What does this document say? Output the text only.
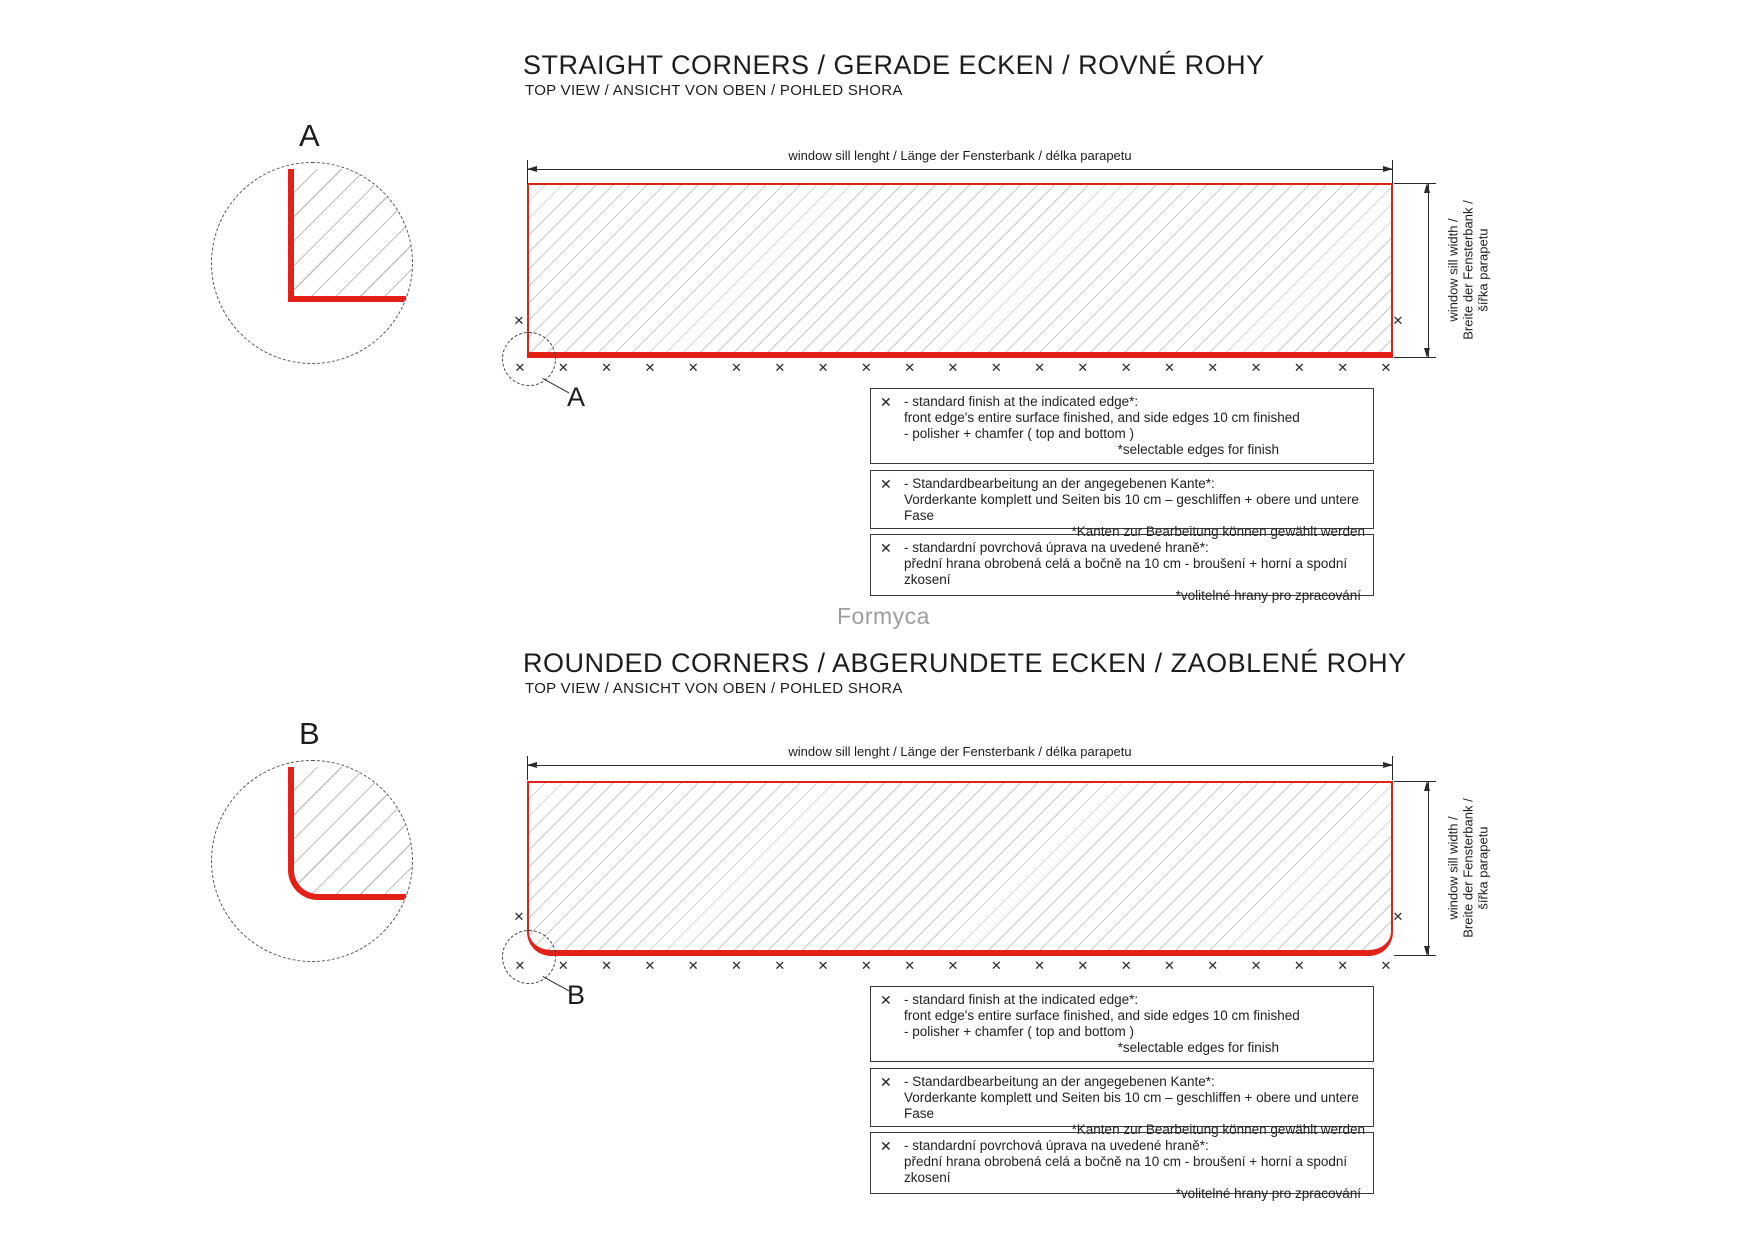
STRAIGHT CORNERS / GERADE ECKEN / ROVNÉ ROHY
TOP VIEW / ANSICHT VON OBEN / POHLED SHORA
A
window sill lenght / Länge der Fensterbank / délka parapetu
window sill width / Breite der Fensterbank / šířka parapetu
✕	✕
✕ ✕ ✕ ✕ ✕ ✕ ✕ ✕ ✕ ✕ ✕ ✕ ✕ ✕ ✕ ✕ ✕ ✕ ✕ ✕ ✕
A	✕ - standard finish at the indicated edge*:
front edge's entire surface finished, and side edges 10 cm finished
- polisher + chamfer ( top and bottom )
*selectable edges for finish
✕ - Standardbearbeitung an der angegebenen Kante*:
Vorderkante komplett und Seiten bis 10 cm – geschliffen + obere und untere Fase
*Kanten zur Bearbeitung können gewählt werden
✕ - standardní povrchová úprava na uvedené hraně*:
přední hrana obrobená celá a bočně na 10 cm - broušení + horní a spodní zkosení
*volitelné hrany pro zpracování
Formyca
ROUNDED CORNERS / ABGERUNDETE ECKEN / ZAOBLENÉ ROHY
TOP VIEW / ANSICHT VON OBEN / POHLED SHORA
B
window sill lenght / Länge der Fensterbank / délka parapetu
window sill width / Breite der Fensterbank / šířka parapetu
✕	✕
✕ ✕ ✕ ✕ ✕ ✕ ✕ ✕ ✕ ✕ ✕ ✕ ✕ ✕ ✕ ✕ ✕ ✕ ✕ ✕ ✕
B	✕ - standard finish at the indicated edge*:
front edge's entire surface finished, and side edges 10 cm finished
- polisher + chamfer ( top and bottom )
*selectable edges for finish
✕ - Standardbearbeitung an der angegebenen Kante*:
Vorderkante komplett und Seiten bis 10 cm – geschliffen + obere und untere Fase
*Kanten zur Bearbeitung können gewählt werden
✕ - standardní povrchová úprava na uvedené hraně*:
přední hrana obrobená celá a bočně na 10 cm - broušení + horní a spodní zkosení
*volitelné hrany pro zpracování
